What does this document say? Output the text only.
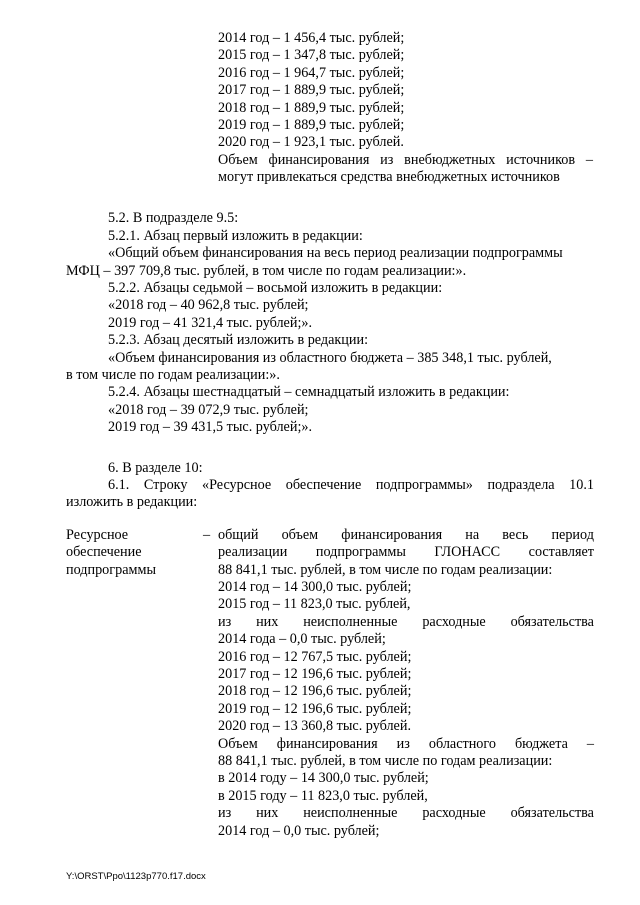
2014 год – 1 456,4 тыс. рублей;
2015 год – 1 347,8 тыс. рублей;
2016 год – 1 964,7 тыс. рублей;
2017 год – 1 889,9 тыс. рублей;
2018 год – 1 889,9 тыс. рублей;
2019 год – 1 889,9 тыс. рублей;
2020 год – 1 923,1 тыс. рублей.
Объем финансирования из внебюджетных источников –
могут привлекаться средства внебюджетных источников
5.2. В подразделе 9.5:
5.2.1. Абзац первый изложить в редакции:
«Общий объем финансирования на весь период реализации подпрограммы
МФЦ – 397 709,8 тыс. рублей, в том числе по годам реализации:».
5.2.2. Абзацы седьмой – восьмой изложить в редакции:
«2018 год – 40 962,8 тыс. рублей;
2019 год – 41 321,4 тыс. рублей;».
5.2.3. Абзац десятый изложить в редакции:
«Объем финансирования из областного бюджета – 385 348,1 тыс. рублей,
в том числе по годам реализации:».
5.2.4. Абзацы шестнадцатый – семнадцатый изложить в редакции:
«2018 год – 39 072,9 тыс. рублей;
2019 год – 39 431,5 тыс. рублей;».
6. В разделе 10:
6.1. Строку «Ресурсное обеспечение подпрограммы» подраздела 10.1
изложить в редакции:
Ресурсное
обеспечение
подпрограммы
– общий объем финансирования на весь период
реализации подпрограммы ГЛОНАСС составляет
88 841,1 тыс. рублей, в том числе по годам реализации:
2014 год – 14 300,0 тыс. рублей;
2015 год – 11 823,0 тыс. рублей,
из них неисполненные расходные обязательства
2014 года – 0,0 тыс. рублей;
2016 год – 12 767,5 тыс. рублей;
2017 год – 12 196,6 тыс. рублей;
2018 год – 12 196,6 тыс. рублей;
2019 год – 12 196,6 тыс. рублей;
2020 год – 13 360,8 тыс. рублей.
Объем финансирования из областного бюджета –
88 841,1 тыс. рублей, в том числе по годам реализации:
в 2014 году – 14 300,0 тыс. рублей;
в 2015 году – 11 823,0 тыс. рублей,
из них неисполненные расходные обязательства
2014 год – 0,0 тыс. рублей;
Y:\ORST\Ppo\1123p770.f17.docx
